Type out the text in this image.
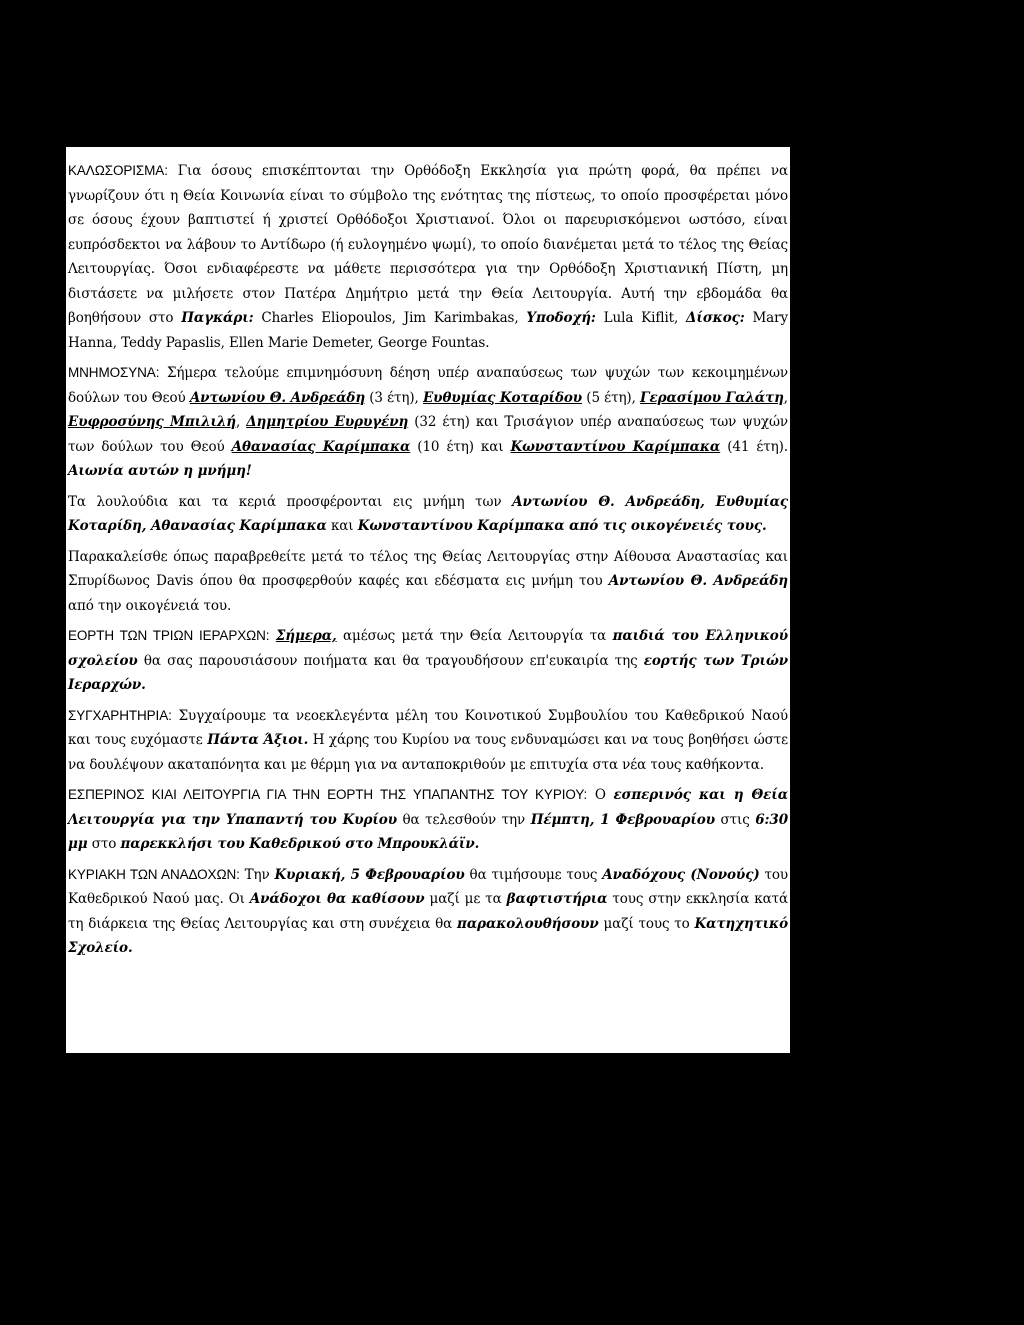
ΚΑΛΩΣΟΡΙΣΜΑ: Για όσους επισκέπτονται την Ορθόδοξη Εκκλησία για πρώτη φορά, θα πρέπει να γνωρίζουν ότι η Θεία Κοινωνία είναι το σύμβολο της ενότητας της πίστεως, το οποίο προσφέρεται μόνο σε όσους έχουν βαπτιστεί ή χριστεί Ορθόδοξοι Χριστιανοί. Όλοι οι παρευρισκόμενοι ωστόσο, είναι ευπρόσδεκτοι να λάβουν το Αντίδωρο (ή ευλογημένο ψωμί), το οποίο διανέμεται μετά το τέλος της Θείας Λειτουργίας. Όσοι ενδιαφέρεστε να μάθετε περισσότερα για την Ορθόδοξη Χριστιανική Πίστη, μη διστάσετε να μιλήσετε στον Πατέρα Δημήτριο μετά την Θεία Λειτουργία. Αυτή την εβδομάδα θα βοηθήσουν στο Παγκάρι: Charles Eliopoulos, Jim Karimbakas, Υποδοχή: Lula Kiflit, Δίσκος: Mary Hanna, Teddy Papaslis, Ellen Marie Demeter, George Fountas.

ΜΝΗΜΟΣΥΝΑ: Σήμερα τελούμε επιμνημόσυνη δέηση υπέρ αναπαύσεως των ψυχών των κεκοιμημένων δούλων του Θεού Αντωνίου Θ. Ανδρεάδη (3 έτη), Ευθυμίας Κοταρίδου (5 έτη), Γερασίμου Γαλάτη, Ευφροσύνης Μπιλιλή, Δημητρίου Ευρυγένη (32 έτη) και Τρισάγιον υπέρ αναπαύσεως των ψυχών των δούλων του Θεού Αθανασίας Καρίμπακα (10 έτη) και Κωνσταντίνου Καρίμπακα (41 έτη). Αιωνία αυτών η μνήμη!

Τα λουλούδια και τα κεριά προσφέρονται εις μνήμη των Αντωνίου Θ. Ανδρεάδη, Ευθυμίας Κοταρίδη, Αθανασίας Καρίμπακα και Κωνσταντίνου Καρίμπακα από τις οικογένειές τους.

Παρακαλείσθε όπως παραβρεθείτε μετά το τέλος της Θείας Λειτουργίας στην Αίθουσα Αναστασίας και Σπυρίδωνος Davis όπου θα προσφερθούν καφές και εδέσματα εις μνήμη του Αντωνίου Θ. Ανδρεάδη από την οικογένειά του.

ΕΟΡΤΗ ΤΩΝ ΤΡΙΩΝ ΙΕΡΑΡΧΩΝ: Σήμερα, αμέσως μετά την Θεία Λειτουργία τα παιδιά του Ελληνικού σχολείου θα σας παρουσιάσουν ποιήματα και θα τραγουδήσουν επ'ευκαιρία της εορτής των Τριών Ιεραρχών.

ΣΥΓΧΑΡΗΤΗΡΙΑ: Συγχαίρουμε τα νεοεκλεγέντα μέλη του Κοινοτικού Συμβουλίου του Καθεδρικού Ναού και τους ευχόμαστε Πάντα Άξιοι. Η χάρης του Κυρίου να τους ενδυναμώσει και να τους βοηθήσει ώστε να δουλέψουν ακαταπόνητα και με θέρμη για να ανταποκριθούν με επιτυχία στα νέα τους καθήκοντα.

ΕΣΠΕΡΙΝΟΣ ΚΙΑΙ ΛΕΙΤΟΥΡΓΙΑ ΓΙΑ ΤΗΝ ΕΟΡΤΗ ΤΗΣ ΥΠΑΠΑΝΤΗΣ ΤΟΥ ΚΥΡΙΟΥ: Ο εσπερινός και η Θεία Λειτουργία για την Υπαπαντή του Κυρίου θα τελεσθούν την Πέμπτη, 1 Φεβρουαρίου στις 6:30 μμ στο παρεκκλήσι του Καθεδρικού στο Μπρουκλάϊν.

ΚΥΡΙΑΚΗ ΤΩΝ ΑΝΑΔΟΧΩΝ: Την Κυριακή, 5 Φεβρουαρίου θα τιμήσουμε τους Αναδόχους (Νονούς) του Καθεδρικού Ναού μας. Οι Ανάδοχοι θα καθίσουν μαζί με τα βαφτιστήρια τους στην εκκλησία κατά τη διάρκεια της Θείας Λειτουργίας και στη συνέχεια θα παρακολουθήσουν μαζί τους το Κατηχητικό Σχολείο.
